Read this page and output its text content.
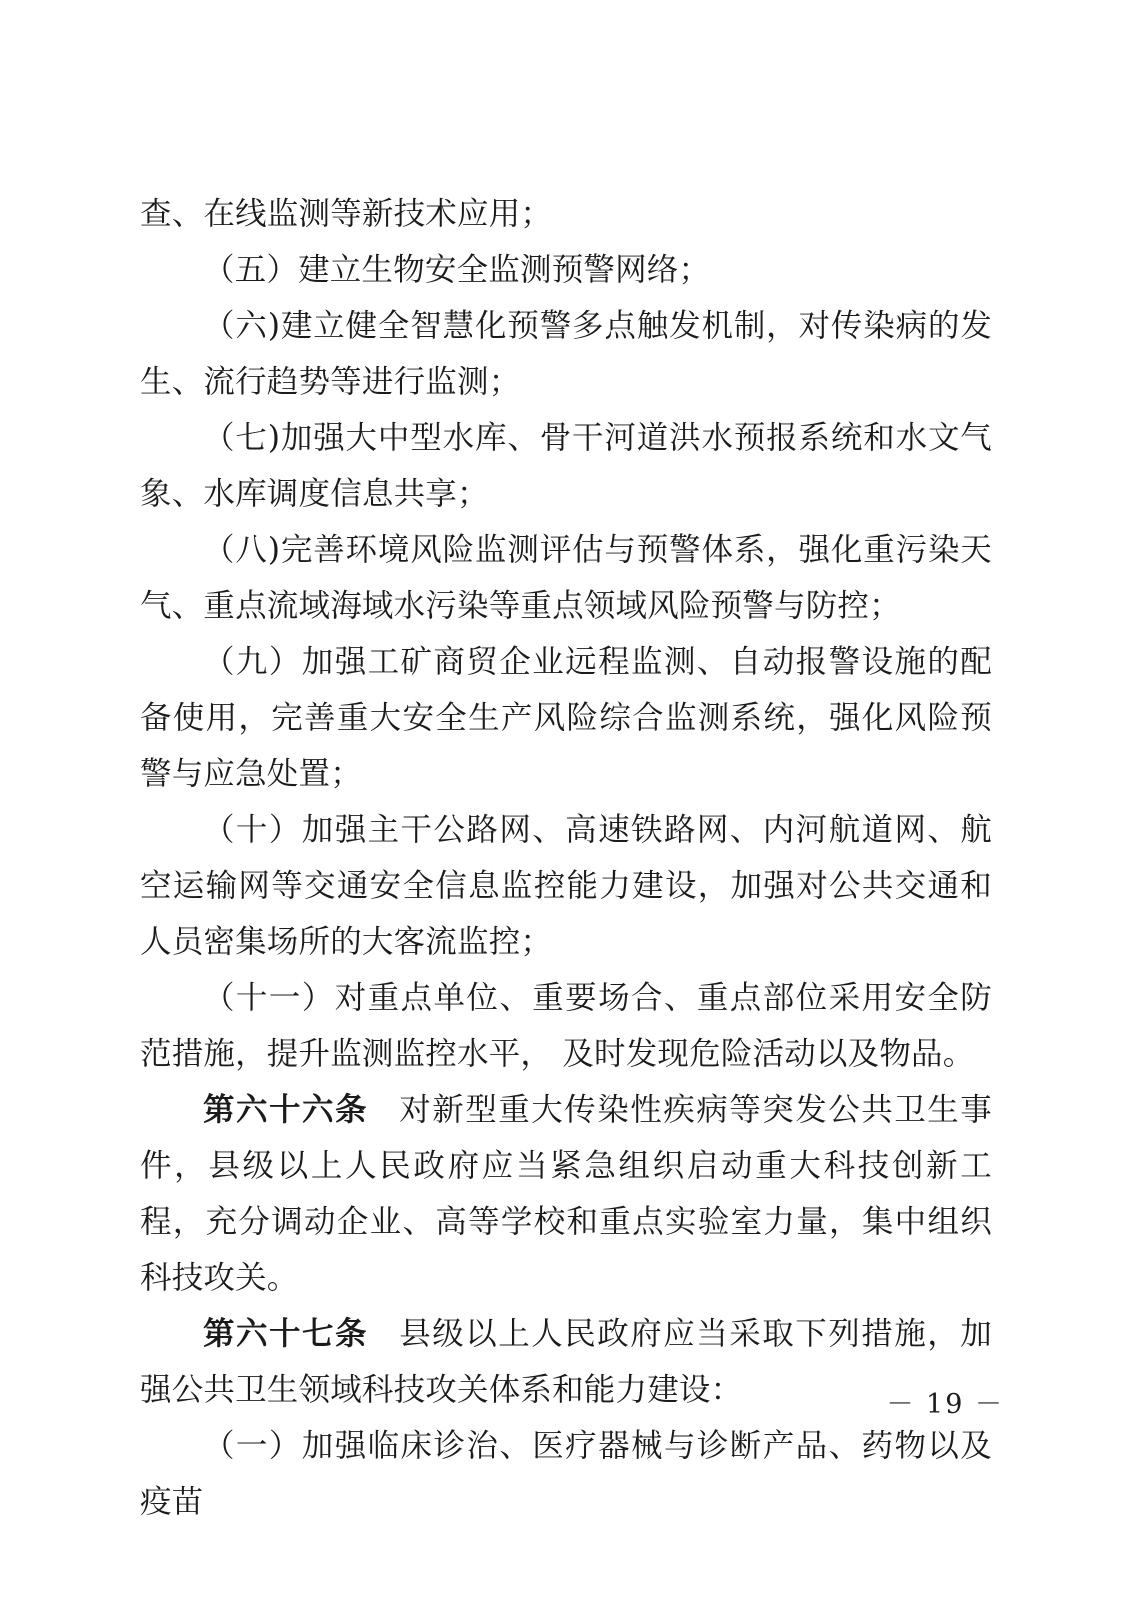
查、在线监测等新技术应用；

（五）建立生物安全监测预警网络；

（六)建立健全智慧化预警多点触发机制，对传染病的发生、流行趋势等进行监测；

（七)加强大中型水库、骨干河道洪水预报系统和水文气象、水库调度信息共享；

（八)完善环境风险监测评估与预警体系，强化重污染天气、重点流域海域水污染等重点领域风险预警与防控；

（九）加强工矿商贸企业远程监测、自动报警设施的配备使用，完善重大安全生产风险综合监测系统，强化风险预警与应急处置；

（十）加强主干公路网、高速铁路网、内河航道网、航空运输网等交通安全信息监控能力建设，加强对公共交通和人员密集场所的大客流监控；

（十一）对重点单位、重要场合、重点部位采用安全防范措施，提升监测监控水平， 及时发现危险活动以及物品。

第六十六条 对新型重大传染性疾病等突发公共卫生事件，县级以上人民政府应当紧急组织启动重大科技创新工程，充分调动企业、高等学校和重点实验室力量，集中组织科技攻关。

第六十七条 县级以上人民政府应当采取下列措施，加强公共卫生领域科技攻关体系和能力建设：

（一）加强临床诊治、医疗器械与诊断产品、药物以及疫苗

－ 19 －
